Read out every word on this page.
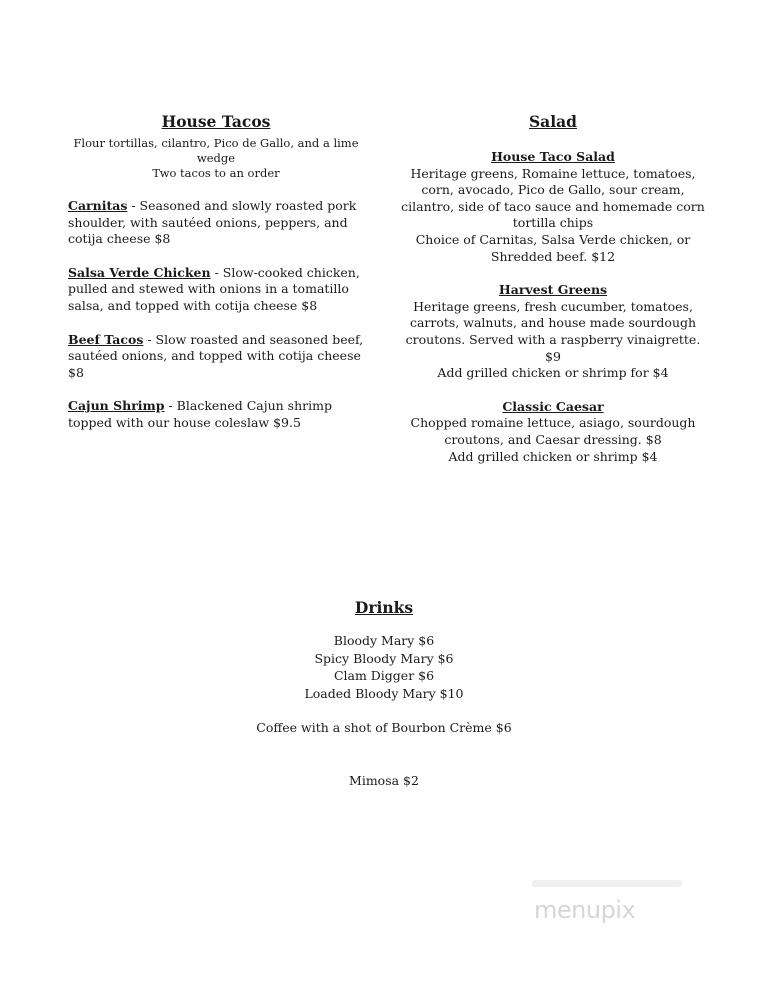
House Tacos
Flour tortillas, cilantro, Pico de Gallo, and a lime wedge
Two tacos to an order
Carnitas - Seasoned and slowly roasted pork shoulder, with sautéed onions, peppers, and cotija cheese $8
Salsa Verde Chicken - Slow-cooked chicken, pulled and stewed with onions in a tomatillo salsa, and topped with cotija cheese $8
Beef Tacos - Slow roasted and seasoned beef, sautéed onions, and topped with cotija cheese $8
Cajun Shrimp - Blackened Cajun shrimp topped with our house coleslaw $9.5
Salad
House Taco Salad
Heritage greens, Romaine lettuce, tomatoes, corn, avocado, Pico de Gallo, sour cream, cilantro, side of taco sauce and homemade corn tortilla chips
Choice of Carnitas, Salsa Verde chicken, or Shredded beef. $12
Harvest Greens
Heritage greens, fresh cucumber, tomatoes, carrots, walnuts, and house made sourdough croutons. Served with a raspberry vinaigrette. $9
Add grilled chicken or shrimp for $4
Classic Caesar
Chopped romaine lettuce, asiago, sourdough croutons, and Caesar dressing. $8
Add grilled chicken or shrimp $4
Drinks
Bloody Mary $6
Spicy Bloody Mary $6
Clam Digger $6
Loaded Bloody Mary $10
Coffee with a shot of Bourbon Crème $6
Mimosa $2
menupix
